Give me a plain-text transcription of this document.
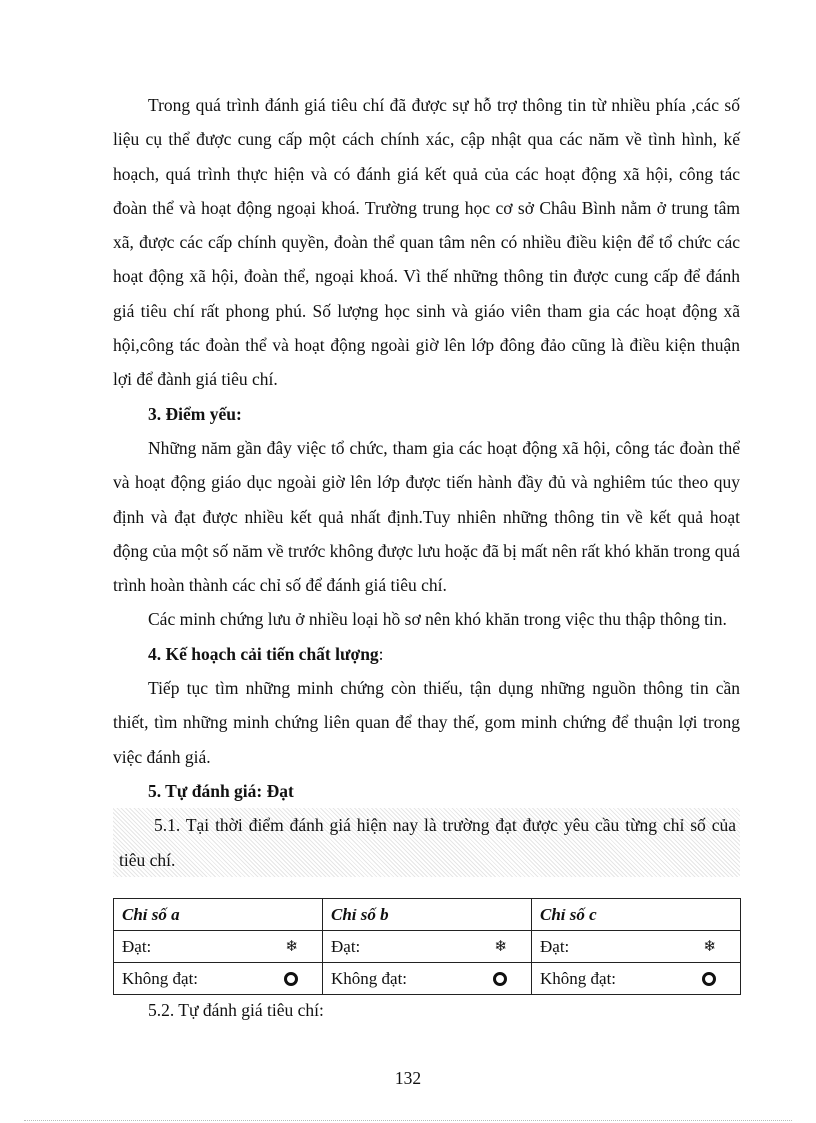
Trong quá trình đánh giá tiêu chí đã được sự hỗ trợ thông tin từ nhiều phía ,các số liệu cụ thể được cung cấp một cách chính xác, cập nhật qua các năm về tình hình, kế hoạch, quá trình thực hiện và có đánh giá kết quả của các hoạt động xã hội, công tác đoàn thể và hoạt động ngoại khoá. Trường trung học cơ sở Châu Bình nằm ở trung tâm xã, được các cấp chính quyền, đoàn thể quan tâm nên có nhiều điều kiện để tổ chức các hoạt động xã hội, đoàn thể, ngoại khoá. Vì thế những thông tin được cung cấp để đánh giá tiêu chí rất phong phú. Số lượng học sinh và giáo viên tham gia các hoạt động xã hội,công tác đoàn thể và hoạt động ngoài giờ lên lớp đông đảo cũng là điều kiện thuận lợi để đành giá tiêu chí.

3. Điểm yếu:

Những năm gần đây việc tổ chức, tham gia các hoạt động xã hội, công tác đoàn thể và hoạt động giáo dục ngoài giờ lên lớp được tiến hành đầy đủ và nghiêm túc theo quy định và đạt được nhiều kết quả nhất định.Tuy nhiên những thông tin về kết quả hoạt động của một số năm về trước không được lưu hoặc đã bị mất nên rất khó khăn trong quá trình hoàn thành các chỉ số để đánh giá tiêu chí.

Các minh chứng lưu ở nhiều loại hồ sơ nên khó khăn trong việc thu thập thông tin.

4. Kế hoạch cải tiến chất lượng:

Tiếp tục tìm những minh chứng còn thiếu, tận dụng những nguồn thông tin cần thiết, tìm những minh chứng liên quan để thay thế, gom minh chứng để thuận lợi trong việc đánh giá.

5. Tự đánh giá: Đạt

5.1. Tại thời điểm đánh giá hiện nay là trường đạt được yêu cầu từng chỉ số của tiêu chí.

Chỉ số a	Chỉ số b	Chỉ số c

Đạt: ❄	Đạt: ❄	Đạt: ❄

Không đạt:	Không đạt:	Không đạt:
5.2. Tự đánh giá tiêu chí:
132
